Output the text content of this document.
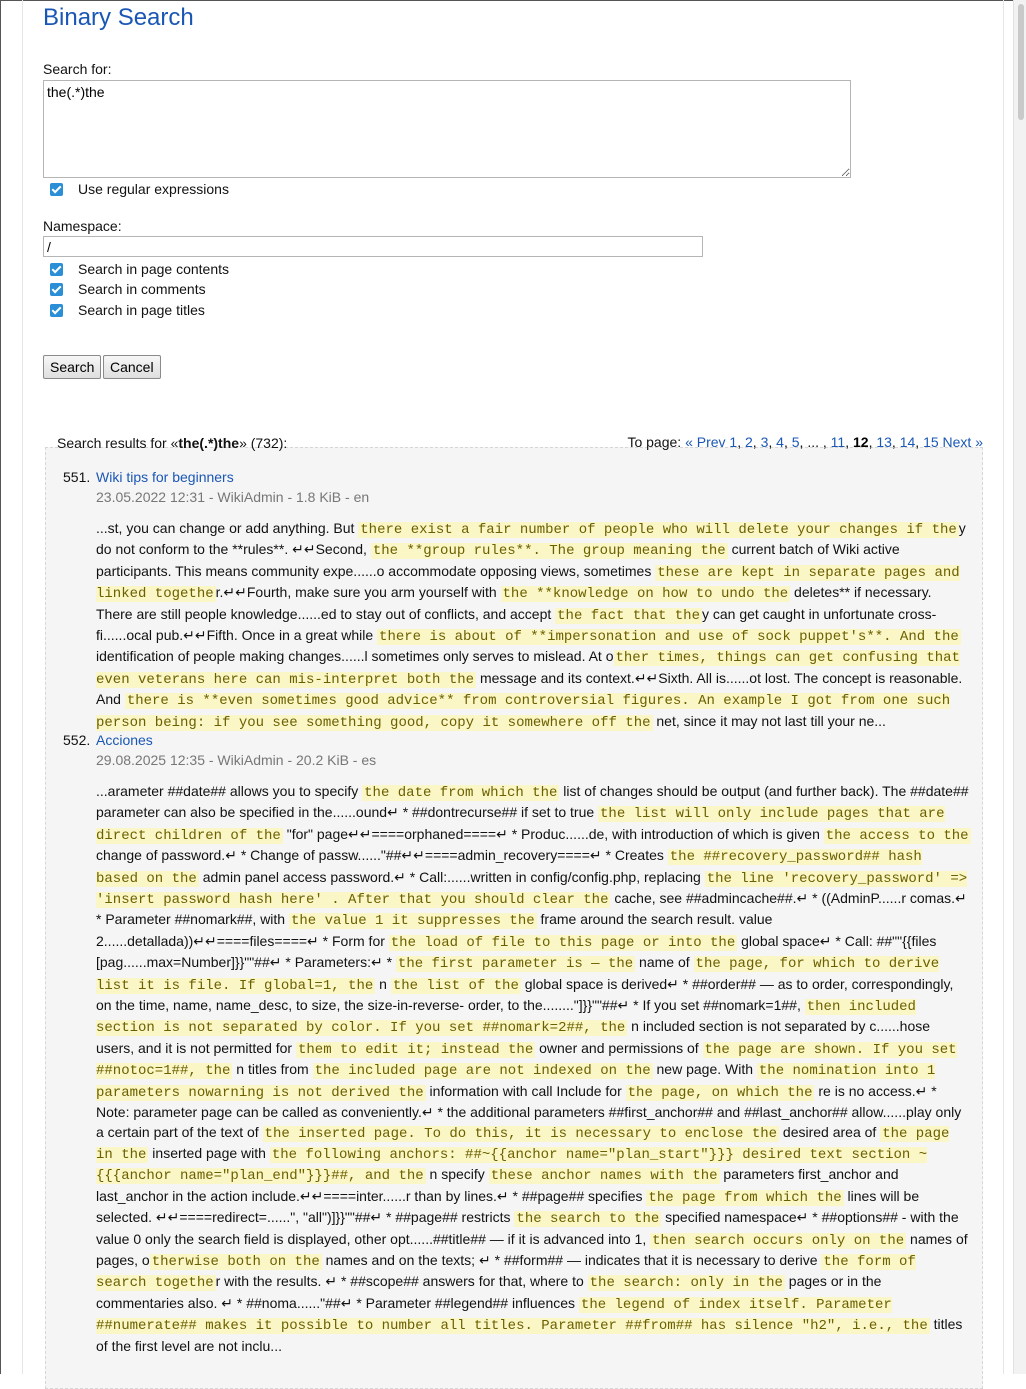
Binary Search
Search for:
the(.*)the
Use regular expressions
Namespace:
/
Search in page contents
Search in comments
Search in page titles
Search	Cancel
Search results for «the(.*)the» (732):	To page: « Prev 1, 2, 3, 4, 5, ... , 11, 12, 13, 14, 15 Next »
551. Wiki tips for beginners
23.05.2022 12:31 - WikiAdmin - 1.8 KiB - en
...st, you can change or add anything. But there exist a fair number of people who will delete your changes if the y do not conform to the **rules**. ↵↵Second, the **group rules**. The group meaning the current batch of Wiki active participants. This means community expe......o accommodate opposing views, sometimes these are kept in separate pages and linked togethe r.↵↵Fourth, make sure you arm yourself with the **knowledge on how to undo the deletes** if necessary. There are still people knowledge......ed to stay out of conflicts, and accept the fact that the y can get caught in unfortunate cross-fi......ocal pub.↵↵Fifth. Once in a great while there is about of **impersonation and use of sock puppet's**. And the identification of people making changes......l sometimes only serves to mislead. At o ther times, things can get confusing that even veterans here can mis-interpret both the message and its context.↵↵Sixth. All is......ot lost. The concept is reasonable. And there is **even sometimes good advice** from controversial figures. An example I got from one such person being: if you see something good, copy it somewhere off the net, since it may not last till your ne...
552. Acciones
29.08.2025 12:35 - WikiAdmin - 20.2 KiB - es
...arameter ##date## allows you to specify the date from which the list of changes should be output (and further back). The ##date## parameter can also be specified in the......ound↵ * ##dontrecurse## if set to true the list will only include pages that are direct children of the "for" page↵↵====orphaned====↵ * Produc......de, with introduction of which is given the access to the change of password.↵ * Change of passw......"##↵↵====admin_recovery====↵ * Creates the ##recovery_password## hash based on the admin panel access password.↵ * Call:......written in config/config.php, replacing the line 'recovery_password' => 'insert password hash here' . After that you should clear the cache, see ##admincache##.↵ * ((AdminP......r comas.↵ * Parameter ##nomark##, with the value 1 it suppresses the frame around the search result. value 2......detallada))↵↵====files====↵ * Form for the load of file to this page or into the global space↵ * Call: ##""{{files [pag......max=Number]}}""##↵ * Parameters:↵ * the first parameter is — the name of the page, for which to derive list it is file. If global=1, the n the list of the global space is derived↵ * ##order## — as to order, correspondingly, on the time, name, name_desc, to size, the size-in-reverse- order, to the........"]}}""##↵ * If you set ##nomark=1##, then included section is not separated by color. If you set ##nomark=2##, the n included section is not separated by c......hose users, and it is not permitted for them to edit it; instead the owner and permissions of the page are shown. If you set ##notoc=1##, the n titles from the included page are not indexed on the new page. With the nomination into 1 parameters nowarning is not derived the information with call Include for the page, on which the re is no access.↵ * Note: parameter page can be called as conveniently.↵ * the additional parameters ##first_anchor## and ##last_anchor## allow......play only a certain part of the text of the inserted page. To do this, it is necessary to enclose the desired area of the page in the inserted page with the following anchors: ##~{{anchor name="plan_start"}}} desired text section ~{{{anchor name="plan_end"}}}##, and the n specify these anchor names with the parameters first_anchor and last_anchor in the action include.↵↵====inter......r than by lines.↵ * ##page## specifies the page from which the lines will be selected. ↵↵====redirect=......", "all")]}}""##↵ * ##page## restricts the search to the specified namespace↵ * ##options## - with the value 0 only the search field is displayed, other opt......##title## — if it is advanced into 1, then search occurs only on the names of pages, o therwise both on the names and on the texts; ↵ * ##form## — indicates that it is necessary to derive the form of search togethe r with the results. ↵ * ##scope## answers for that, where to the search: only in the pages or in the commentaries also. ↵ * ##noma......"##↵ * Parameter ##legend## influences the legend of index itself. Parameter ##numerate## makes it possible to number all titles. Parameter ##from## has silence "h2", i.e., the titles of the first level are not inclu...
